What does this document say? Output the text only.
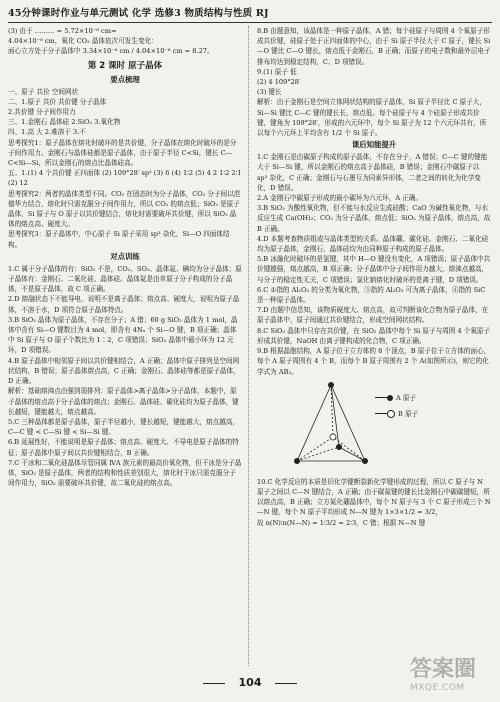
45分钟课时作业与单元测试 化学 选修3 物质结构与性质 RJ

(3) 由于 ……… = 5.72×10⁻⁸ cm=

4.04×10⁻⁸ cm，氧化 CO₂ 晶体依次可发生变化：

面心立方处于分子晶体中 3.34×10⁻⁸ cm / 4.04×10⁻⁸ cm = 8.27。

第 2 课时 原子晶体
要点梳理

一、原子 共价 空间网状

二、1.原子 共价 共价键 分子晶体

2.共价键 分子间作用力

三、1.金刚石 晶体硅 2.SiO₂ 3.氧化物

四、1.高 大 2.难溶于 3.不

思考探究1：原子晶体在熔化时破坏的是共价键，分子晶体在熔化时破坏的是分子间作用力。金刚石与晶体硅都是原子晶体，由于原子半径 C<Si，键长 C—C<Si—Si，所以金刚石的熔点比晶体硅高。

五、1.(1) 4 个共价键 正四面体 (2) 109°28′ sp³ (3) 6 (4) 1∶2 (5) 4 2 1∶2 2∶1 (2) 12

思考探究2：两者的晶体类型不同。CO₂ 在固态时为分子晶体，CO₂ 分子间以范德华力结合，熔化时只需克服分子间作用力，所以 CO₂ 的熔点低；SiO₂ 是原子晶体，Si 原子与 O 原子以共价键结合，熔化时需要破坏共价键，所以 SiO₂ 晶体的熔点高、硬度大。

思考探究3：原子晶体中，中心原子 Si 原子采用 sp³ 杂化，Si—O 四面体结构。

对点训练

1.C 属于分子晶体的有：SiO₂ 不是，CO₂、SO₂、晶体氦、碘均为分子晶体；原子晶体有：金刚石、二氧化硅、晶体硅。晶体氦是由单原子分子构成的分子晶体，不是原子晶体，故 C 项正确。

2.D 熔融状态下不能导电，说明不是离子晶体；熔点高、硬度大，说明为原子晶体，不溶于水，D 项符合原子晶体特点。

3.B SiO₂ 晶体为原子晶体，不存在分子；A 错；60 g SiO₂ 晶体为 1 mol，晶体中含有 Si—O 键数目为 4 mol，即含有 4Nₐ 个 Si—O 键，B 项正确；晶体中 Si 原子与 O 原子个数比为 1∶2，C 项错误；SiO₂ 晶体中最小环为 12 元环，D 项错误。

4.B 原子晶体中相邻原子间以共价键相结合，A 正确；晶体中原子排列呈空间网状结构，B 错误；原子晶体熔点高，C 正确；金刚石、晶体硅等都是原子晶体，D 正确。

解析：基础熔沸点由强到弱排列：原子晶体>离子晶体>分子晶体，本题中，原子晶体的熔点高于分子晶体的熔点；金刚石、晶体硅、碳化硅均为原子晶体，键长越短，键能越大，熔点越高。

5.C 三种晶体都是原子晶体，原子半径越小，键长越短，键能越大，熔点越高，C—C 键 < C—Si 键 < Si—Si 键。

6.B 延展性好，不能说明是原子晶体；熔点高、硬度大、不导电是原子晶体的特征；原子晶体中原子间以共价键相结合，B 正确。

7.C 干冰和二氧化硅晶体尽管同属 ⅣA 族元素的最高价氧化物，但干冰是分子晶体，SiO₂ 是原子晶体，两者的结构和性质差别很大，熔化时干冰只需克服分子间作用力，SiO₂ 需要破坏共价键，故二氧化硅的熔点高。

8.B 由题意知，该晶体是一种原子晶体，A 错；每个硅原子与周围 4 个氧原子形成共价键，硅原子处于正四面体的中心，由于 Si 原子半径大于 C 原子，键长 Si—O 键比 C—O 键长，熔点低于金刚石，B 正确；而原子的电子数和最外层电子排布均达到稳定结构，C、D 项错误。

9.(1) 原子 低

(2) 4 109°28′

(3) 键长

解析：由于金刚石是空间立体网状结构的原子晶体，Si 原子半径比 C 原子大，Si—Si 键比 C—C 键的键长长，熔点低。每个硅原子与 4 个硅原子形成共价键，键角为 109°28′，形成的六元环中，每个 Si 原子为 12 个六元环共有，所以每个六元环上平均含有 1/2 个 Si 原子。

课后知能提升

1.C 金刚石是由碳原子构成的原子晶体，不存在分子，A 错误；C—C 键的键能大于 Si—Si 键，所以金刚石的熔点高于晶体硅，B 错误；金刚石中碳原子以 sp³ 杂化，C 正确；金刚石与石墨互为同素异形体，二者之间的转化为化学变化，D 错误。

2.A 金刚石中碳原子形成的最小碳环为六元环，A 正确。

3.B SiO₂ 为酸性氧化物，但不能与水反应生成硅酸；CaO 为碱性氧化物，与水反应生成 Ca(OH)₂；CO₂ 为分子晶体，熔点低；SiO₂ 为原子晶体，熔点高，故 B 正确。

4.D 本题考查物质组成与晶体类型的关系。晶体硼、碳化硅、金刚石、二氧化硅均为原子晶体，金刚石、晶体硅均为由同种原子构成的原子晶体。

5.B 冰融化时破坏的是氢键，其中 H—O 键没有变化，A 项错误；原子晶体中共价键越强，熔点越高，B 项正确；分子晶体中分子间作用力越大，熔沸点越高，与分子的稳定性无关，C 项错误；氯化钠熔化时破坏的是离子键，D 项错误。

6.C ①指的 Al₂O₃ 的分类为氧化物，③指的 Al₂O₃ 可为离子晶体，④指的 SiC 是一种原子晶体。

7.D 由题中信息知，该物质硬度大、熔点高，故可判断该化合物为原子晶体，在原子晶体中，原子间通过共价键结合，形成空间网状结构。

8.C SiO₂ 晶体中只存在共价键，在 SiO₂ 晶体中每个 Si 原子与周围 4 个氧原子形成共价键，NaOH 由离子键构成的化合物，C 项正确。

9.B 根据晶胞结构，A 原子位于立方体的 8 个顶点，B 原子位于立方体的面心，每个 A 原子周围有 4 个 B，而每个 B 原子周围有 2 个 A(如图所示)，则它的化学式为 AB₂。

A 原子
B 原子

10.C 化学反应的本质是旧化学键断裂新化学键形成的过程，所以 C 原子与 N 原子之间以 C—N 键结合，A 正确；由于碳氮键的键长比金刚石中碳碳键短，所以熔点高，B 正确；立方氮化硼晶体中，每个 N 原子与 3 个 C 原子形成三个 N—N 键，每个 N 原子平均形成 N—N 键为 1×3×1/2 = 3/2，

故 n(N)∶n(N—N) = 1∶3/2 = 2∶3，C 错；根据 N—N 键

104
答案圈
MXQE.COM
